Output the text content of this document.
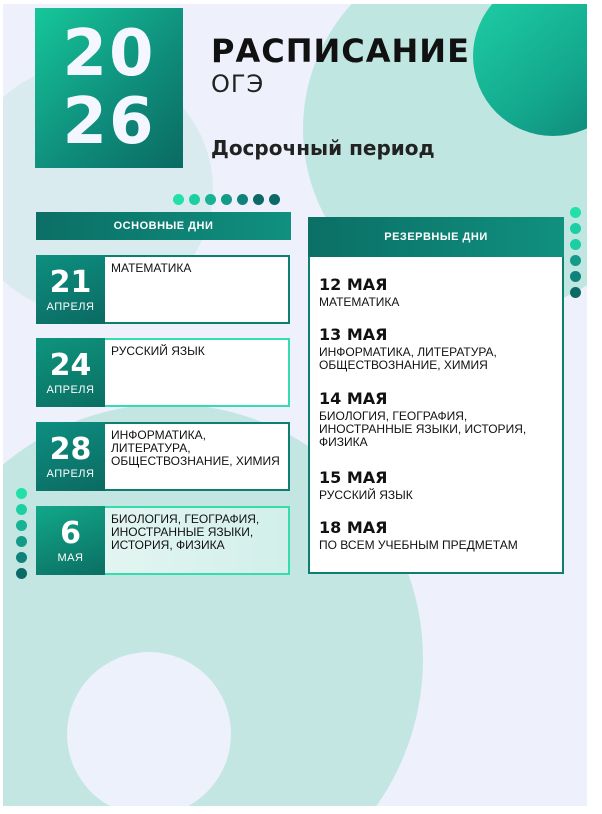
20
26
РАСПИСАНИЕ
ОГЭ
Досрочный период
ОСНОВНЫЕ ДНИ
21
АПРЕЛЯ
МАТЕМАТИКА
24
АПРЕЛЯ
РУССКИЙ ЯЗЫК
28
АПРЕЛЯ
ИНФОРМАТИКА, ЛИТЕРАТУРА, ОБЩЕСТВОЗНАНИЕ, ХИМИЯ
6
МАЯ
БИОЛОГИЯ, ГЕОГРАФИЯ, ИНОСТРАННЫЕ ЯЗЫКИ, ИСТОРИЯ, ФИЗИКА
РЕЗЕРВНЫЕ ДНИ
12 МАЯ
МАТЕМАТИКА
13 МАЯ
ИНФОРМАТИКА, ЛИТЕРАТУРА, ОБЩЕСТВОЗНАНИЕ, ХИМИЯ
14 МАЯ
БИОЛОГИЯ, ГЕОГРАФИЯ, ИНОСТРАННЫЕ ЯЗЫКИ, ИСТОРИЯ, ФИЗИКА
15 МАЯ
РУССКИЙ ЯЗЫК
18 МАЯ
ПО ВСЕМ УЧЕБНЫМ ПРЕДМЕТАМ
